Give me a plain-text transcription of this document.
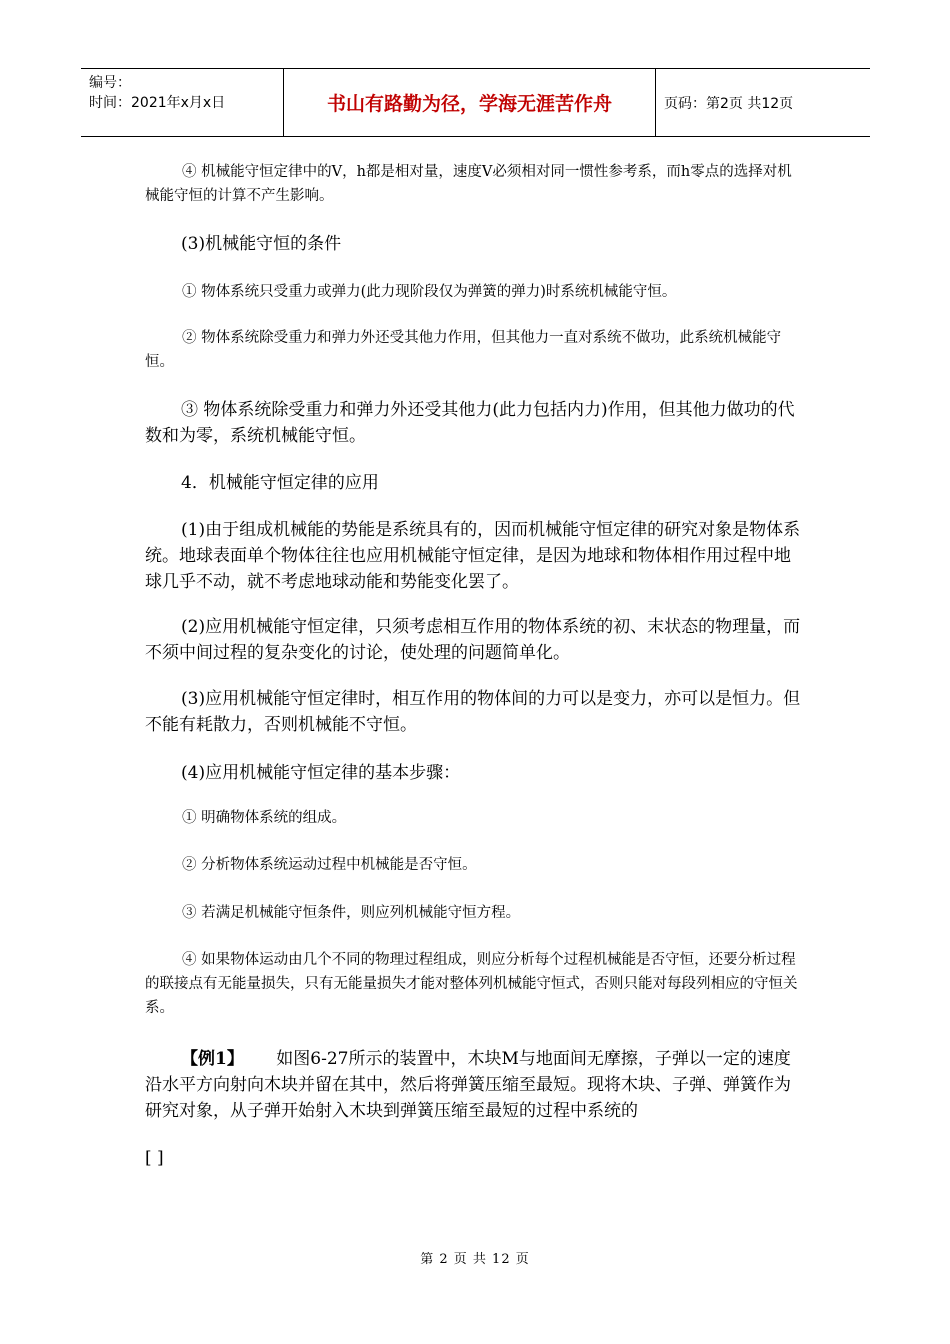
编号：
时间：2021年x月x日	书山有路勤为径，学海无涯苦作舟	页码：第2页 共12页

④ 机械能守恒定律中的V，h都是相对量，速度V必须相对同一惯性参考系，而h零点的选择对机械能守恒的计算不产生影响。

(3)机械能守恒的条件

① 物体系统只受重力或弹力(此力现阶段仅为弹簧的弹力)时系统机械能守恒。

② 物体系统除受重力和弹力外还受其他力作用，但其他力一直对系统不做功，此系统机械能守恒。

③ 物体系统除受重力和弹力外还受其他力(此力包括内力)作用，但其他力做功的代数和为零，系统机械能守恒。

4．机械能守恒定律的应用

(1)由于组成机械能的势能是系统具有的，因而机械能守恒定律的研究对象是物体系统。地球表面单个物体往往也应用机械能守恒定律，是因为地球和物体相作用过程中地球几乎不动，就不考虑地球动能和势能变化罢了。

(2)应用机械能守恒定律，只须考虑相互作用的物体系统的初、末状态的物理量，而不须中间过程的复杂变化的讨论，使处理的问题简单化。

(3)应用机械能守恒定律时，相互作用的物体间的力可以是变力，亦可以是恒力。但不能有耗散力，否则机械能不守恒。

(4)应用机械能守恒定律的基本步骤：

① 明确物体系统的组成。

② 分析物体系统运动过程中机械能是否守恒。

③ 若满足机械能守恒条件，则应列机械能守恒方程。

④ 如果物体运动由几个不同的物理过程组成，则应分析每个过程机械能是否守恒，还要分析过程的联接点有无能量损失，只有无能量损失才能对整体列机械能守恒式，否则只能对每段列相应的守恒关系。

【例1】 如图6-27所示的装置中，木块M与地面间无摩擦，子弹以一定的速度沿水平方向射向木块并留在其中，然后将弹簧压缩至最短。现将木块、子弹、弹簧作为研究对象，从子弹开始射入木块到弹簧压缩至最短的过程中系统的

[ ]

第 2 页 共 12 页
